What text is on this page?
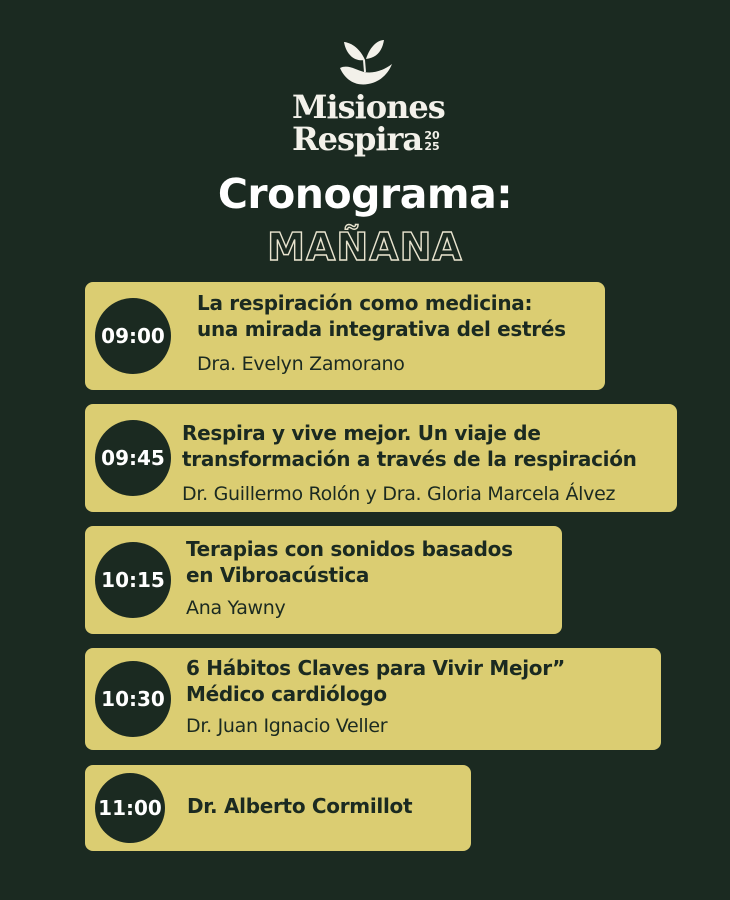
Misiones
Respira 20
25
Cronograma:
MAÑANA
09:00
La respiración como medicina:
una mirada integrativa del estrés
Dra. Evelyn Zamorano
09:45
Respira y vive mejor. Un viaje de
transformación a través de la respiración
Dr. Guillermo Rolón y Dra. Gloria Marcela Álvez
10:15
Terapias con sonidos basados
en Vibroacústica
Ana Yawny
10:30
6 Hábitos Claves para Vivir Mejor”
Médico cardiólogo
Dr. Juan Ignacio Veller
11:00 Dr. Alberto Cormillot
